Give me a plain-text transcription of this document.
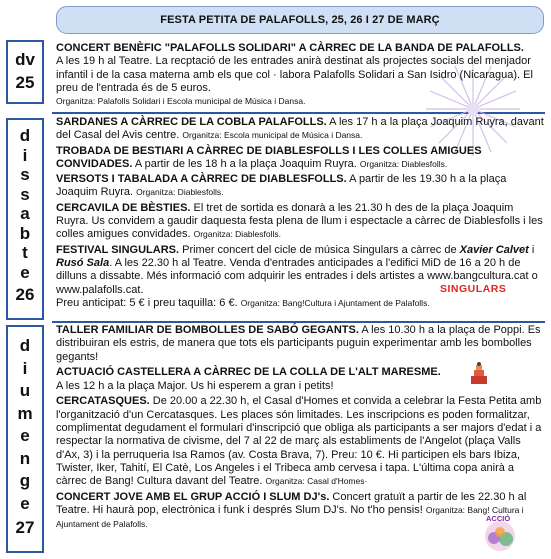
FESTA PETITA DE PALAFOLLS, 25, 26 I 27 DE MARÇ
dv
25
d
i
s
s
a
b
t
e
26
d
i
u
m
e
n
g
e
27

CONCERT BENÈFIC "PALAFOLLS SOLIDARI" A CÀRREC DE LA BANDA DE PALAFOLLS.
A les 19 h al Teatre. La recptació de les entrades anirà destinat als projectes socials del menjador infantil i de la casa materna amb els que col · labora Palafolls Solidari a San Isidro (Nicaragua). El preu de l'entrada és de 5 euros.
Organitza: Palafolls Solidari i Escola municipal de Música i Dansa.

SARDANES A CÀRREC DE LA COBLA PALAFOLLS. A les 17 h a la plaça Joaquim Ruyra, davant del Casal del Avis centre. Organitza: Escola municipal de Música i Dansa.

TROBADA DE BESTIARI A CÀRREC DE DIABLESFOLLS I LES COLLES AMIGUES CONVIDADES. A partir de les 18 h a la plaça Joaquim Ruyra. Organitza: Diablesfolls.

VERSOTS I TABALADA A CÀRREC DE DIABLESFOLLS. A partir de les 19.30 h a la plaça Joaquim Ruyra. Organitza: Diablesfolls.

CERCAVILA DE BÈSTIES. El tret de sortida es donarà a les 21.30 h des de la plaça Joaquim Ruyra. Us convidem a gaudir daquesta festa plena de llum i espectacle a càrrec de Diablesfolls i les colles amigues convidades. Organitza: Diablesfolls.

FESTIVAL SINGULARS. Primer concert del cicle de música Singulars a càrrec de Xavier Calvet i Rusó Sala. A les 22.30 h al Teatre. Venda d'entrades anticipades a l'edifici MiD de 16 a 20 h de dilluns a dissabte. Més informació com adquirir les entrades i dels artistes a www.bangcultura.cat o www.palafolls.cat.
Preu anticipat: 5 € i preu taquilla: 6 €. Organitza: Bang!Cultura i Ajuntament de Palafolls.

SINGULARS

TALLER FAMILIAR DE BOMBOLLES DE SABÓ GEGANTS. A les 10.30 h a la plaça de Poppi. Es distribuiran els estris, de manera que tots els participants puguin experimentar amb les bombolles gegants!

ACTUACIÓ CASTELLERA A CÀRREC DE LA COLLA DE L'ALT MARESME.
A les 12 h a la plaça Major. Us hi esperem a gran i petits!

CERCATASQUES. De 20.00 a 22.30 h, el Casal d'Homes et convida a celebrar la Festa Petita amb l'organització d'un Cercatasques. Les places són limitades. Les inscripcions es poden formalitzar, complimentat degudament el formulari d'inscripció que obliga als participants a ser majors d'edat i a respectar la normativa de civisme, del 7 al 22 de març als establiments de l'Angelot (plaça Valls d'Ax, 3) i la perruqueria Isa Ramos (av. Costa Brava, 7). Preu: 10 €. Hi participen els bars Ibiza, Twister, Iker, Tahití, El Catè, Los Angeles i el Tribeca amb cervesa i tapa. L'última copa anirà a càrrec de Bang! Cultura davant del Teatre. Organitza: Casal d'Homes·

CONCERT JOVE AMB EL GRUP ACCIÓ I SLUM DJ's. Concert gratuït a partir de les 22.30 h al Teatre. Hi haurà pop, electrònica i funk i després Slum DJ's. No t'ho pensis! Organitza: Bang! Cultura i Ajuntament de Palafolls.

ACCIÓ
